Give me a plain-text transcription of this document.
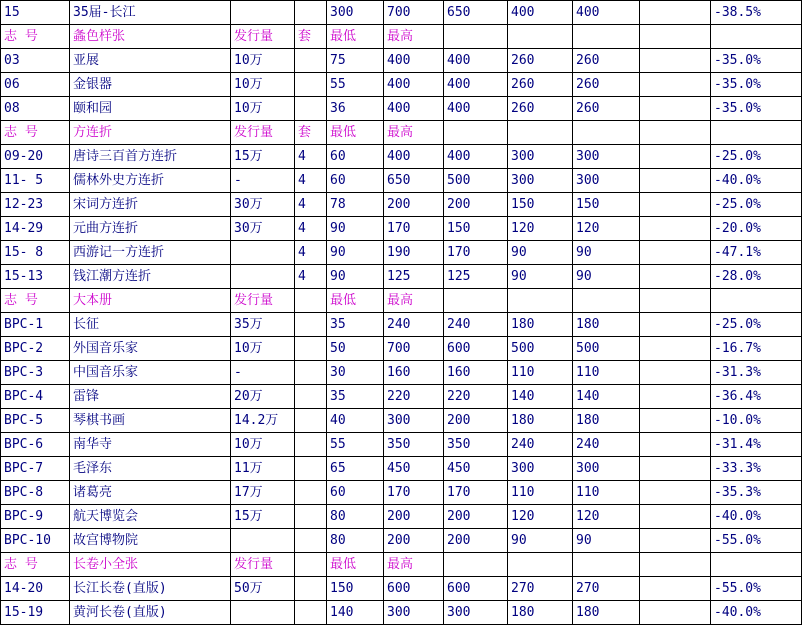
15	35届-长江			300	700	650	400	400		-38.5%
志 号	螽色样张	发行量	套	最低	最高					
03	亚展	10万		75	400	400	260	260		-35.0%
06	金银器	10万		55	400	400	260	260		-35.0%
08	颐和园	10万		36	400	400	260	260		-35.0%
志 号	方连折	发行量	套	最低	最高					
09-20	唐诗三百首方连折	15万	4	60	400	400	300	300		-25.0%
11- 5	儒林外史方连折	-	4	60	650	500	300	300		-40.0%
12-23	宋词方连折	30万	4	78	200	200	150	150		-25.0%
14-29	元曲方连折	30万	4	90	170	150	120	120		-20.0%
15- 8	西游记一方连折		4	90	190	170	90	90		-47.1%
15-13	钱江潮方连折		4	90	125	125	90	90		-28.0%
志 号	大本册	发行量		最低	最高					
BPC-1	长征	35万		35	240	240	180	180		-25.0%
BPC-2	外国音乐家	10万		50	700	600	500	500		-16.7%
BPC-3	中国音乐家	-		30	160	160	110	110		-31.3%
BPC-4	雷锋	20万		35	220	220	140	140		-36.4%
BPC-5	琴棋书画	14.2万		40	300	200	180	180		-10.0%
BPC-6	南华寺	10万		55	350	350	240	240		-31.4%
BPC-7	毛泽东	11万		65	450	450	300	300		-33.3%
BPC-8	诸葛亮	17万		60	170	170	110	110		-35.3%
BPC-9	航天博览会	15万		80	200	200	120	120		-40.0%
BPC-10	故宫博物院			80	200	200	90	90		-55.0%
志 号	长卷小全张	发行量		最低	最高					
14-20	长江长卷(直版)	50万		150	600	600	270	270		-55.0%
15-19	黄河长卷(直版)			140	300	300	180	180		-40.0%
